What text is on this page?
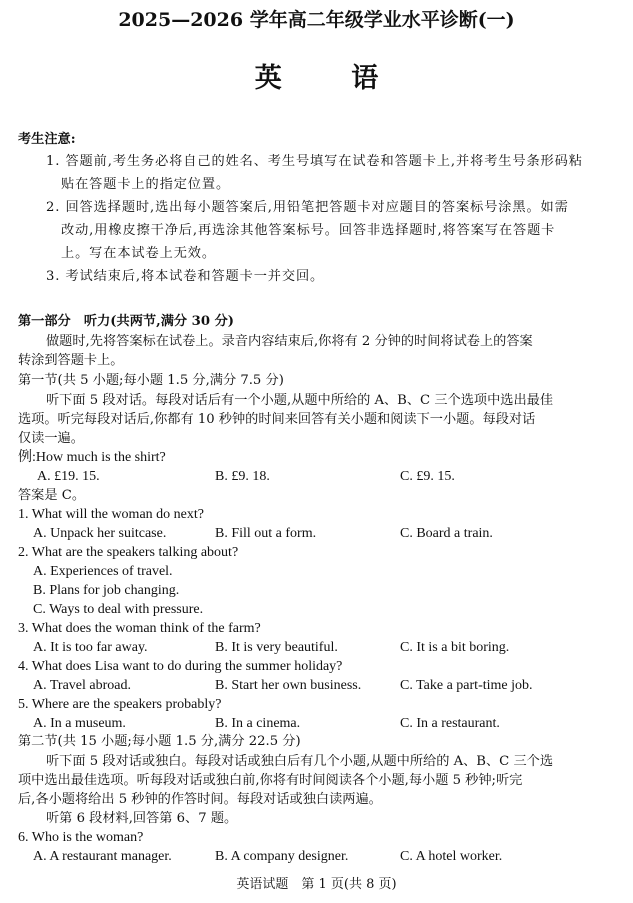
2025—2026 学年高二年级学业水平诊断(一)
英 语
考生注意:
1. 答题前,考生务必将自己的姓名、考生号填写在试卷和答题卡上,并将考生号条形码粘
贴在答题卡上的指定位置。
2. 回答选择题时,选出每小题答案后,用铅笔把答题卡对应题目的答案标号涂黑。如需
改动,用橡皮擦干净后,再选涂其他答案标号。回答非选择题时,将答案写在答题卡
上。写在本试卷上无效。
3. 考试结束后,将本试卷和答题卡一并交回。
第一部分　听力(共两节,满分 30 分)
做题时,先将答案标在试卷上。录音内容结束后,你将有 2 分钟的时间将试卷上的答案
转涂到答题卡上。
第一节(共 5 小题;每小题 1.5 分,满分 7.5 分)
听下面 5 段对话。每段对话后有一个小题,从题中所给的 A、B、C 三个选项中选出最佳
选项。听完每段对话后,你都有 10 秒钟的时间来回答有关小题和阅读下一小题。每段对话
仅读一遍。
例:How much is the shirt?
A. £19. 15.	B. £9. 18.	C. £9. 15.
答案是 C。
1. What will the woman do next?
A. Unpack her suitcase.	B. Fill out a form.	C. Board a train.
2. What are the speakers talking about?
A. Experiences of travel.
B. Plans for job changing.
C. Ways to deal with pressure.
3. What does the woman think of the farm?
A. It is too far away.	B. It is very beautiful.	C. It is a bit boring.
4. What does Lisa want to do during the summer holiday?
A. Travel abroad.	B. Start her own business.	C. Take a part-time job.
5. Where are the speakers probably?
A. In a museum.	B. In a cinema.	C. In a restaurant.
第二节(共 15 小题;每小题 1.5 分,满分 22.5 分)
听下面 5 段对话或独白。每段对话或独白后有几个小题,从题中所给的 A、B、C 三个选
项中选出最佳选项。听每段对话或独白前,你将有时间阅读各个小题,每小题 5 秒钟;听完
后,各小题将给出 5 秒钟的作答时间。每段对话或独白读两遍。
听第 6 段材料,回答第 6、7 题。
6. Who is the woman?
A. A restaurant manager.	B. A company designer.	C. A hotel worker.
英语试题　第 1 页(共 8 页)
